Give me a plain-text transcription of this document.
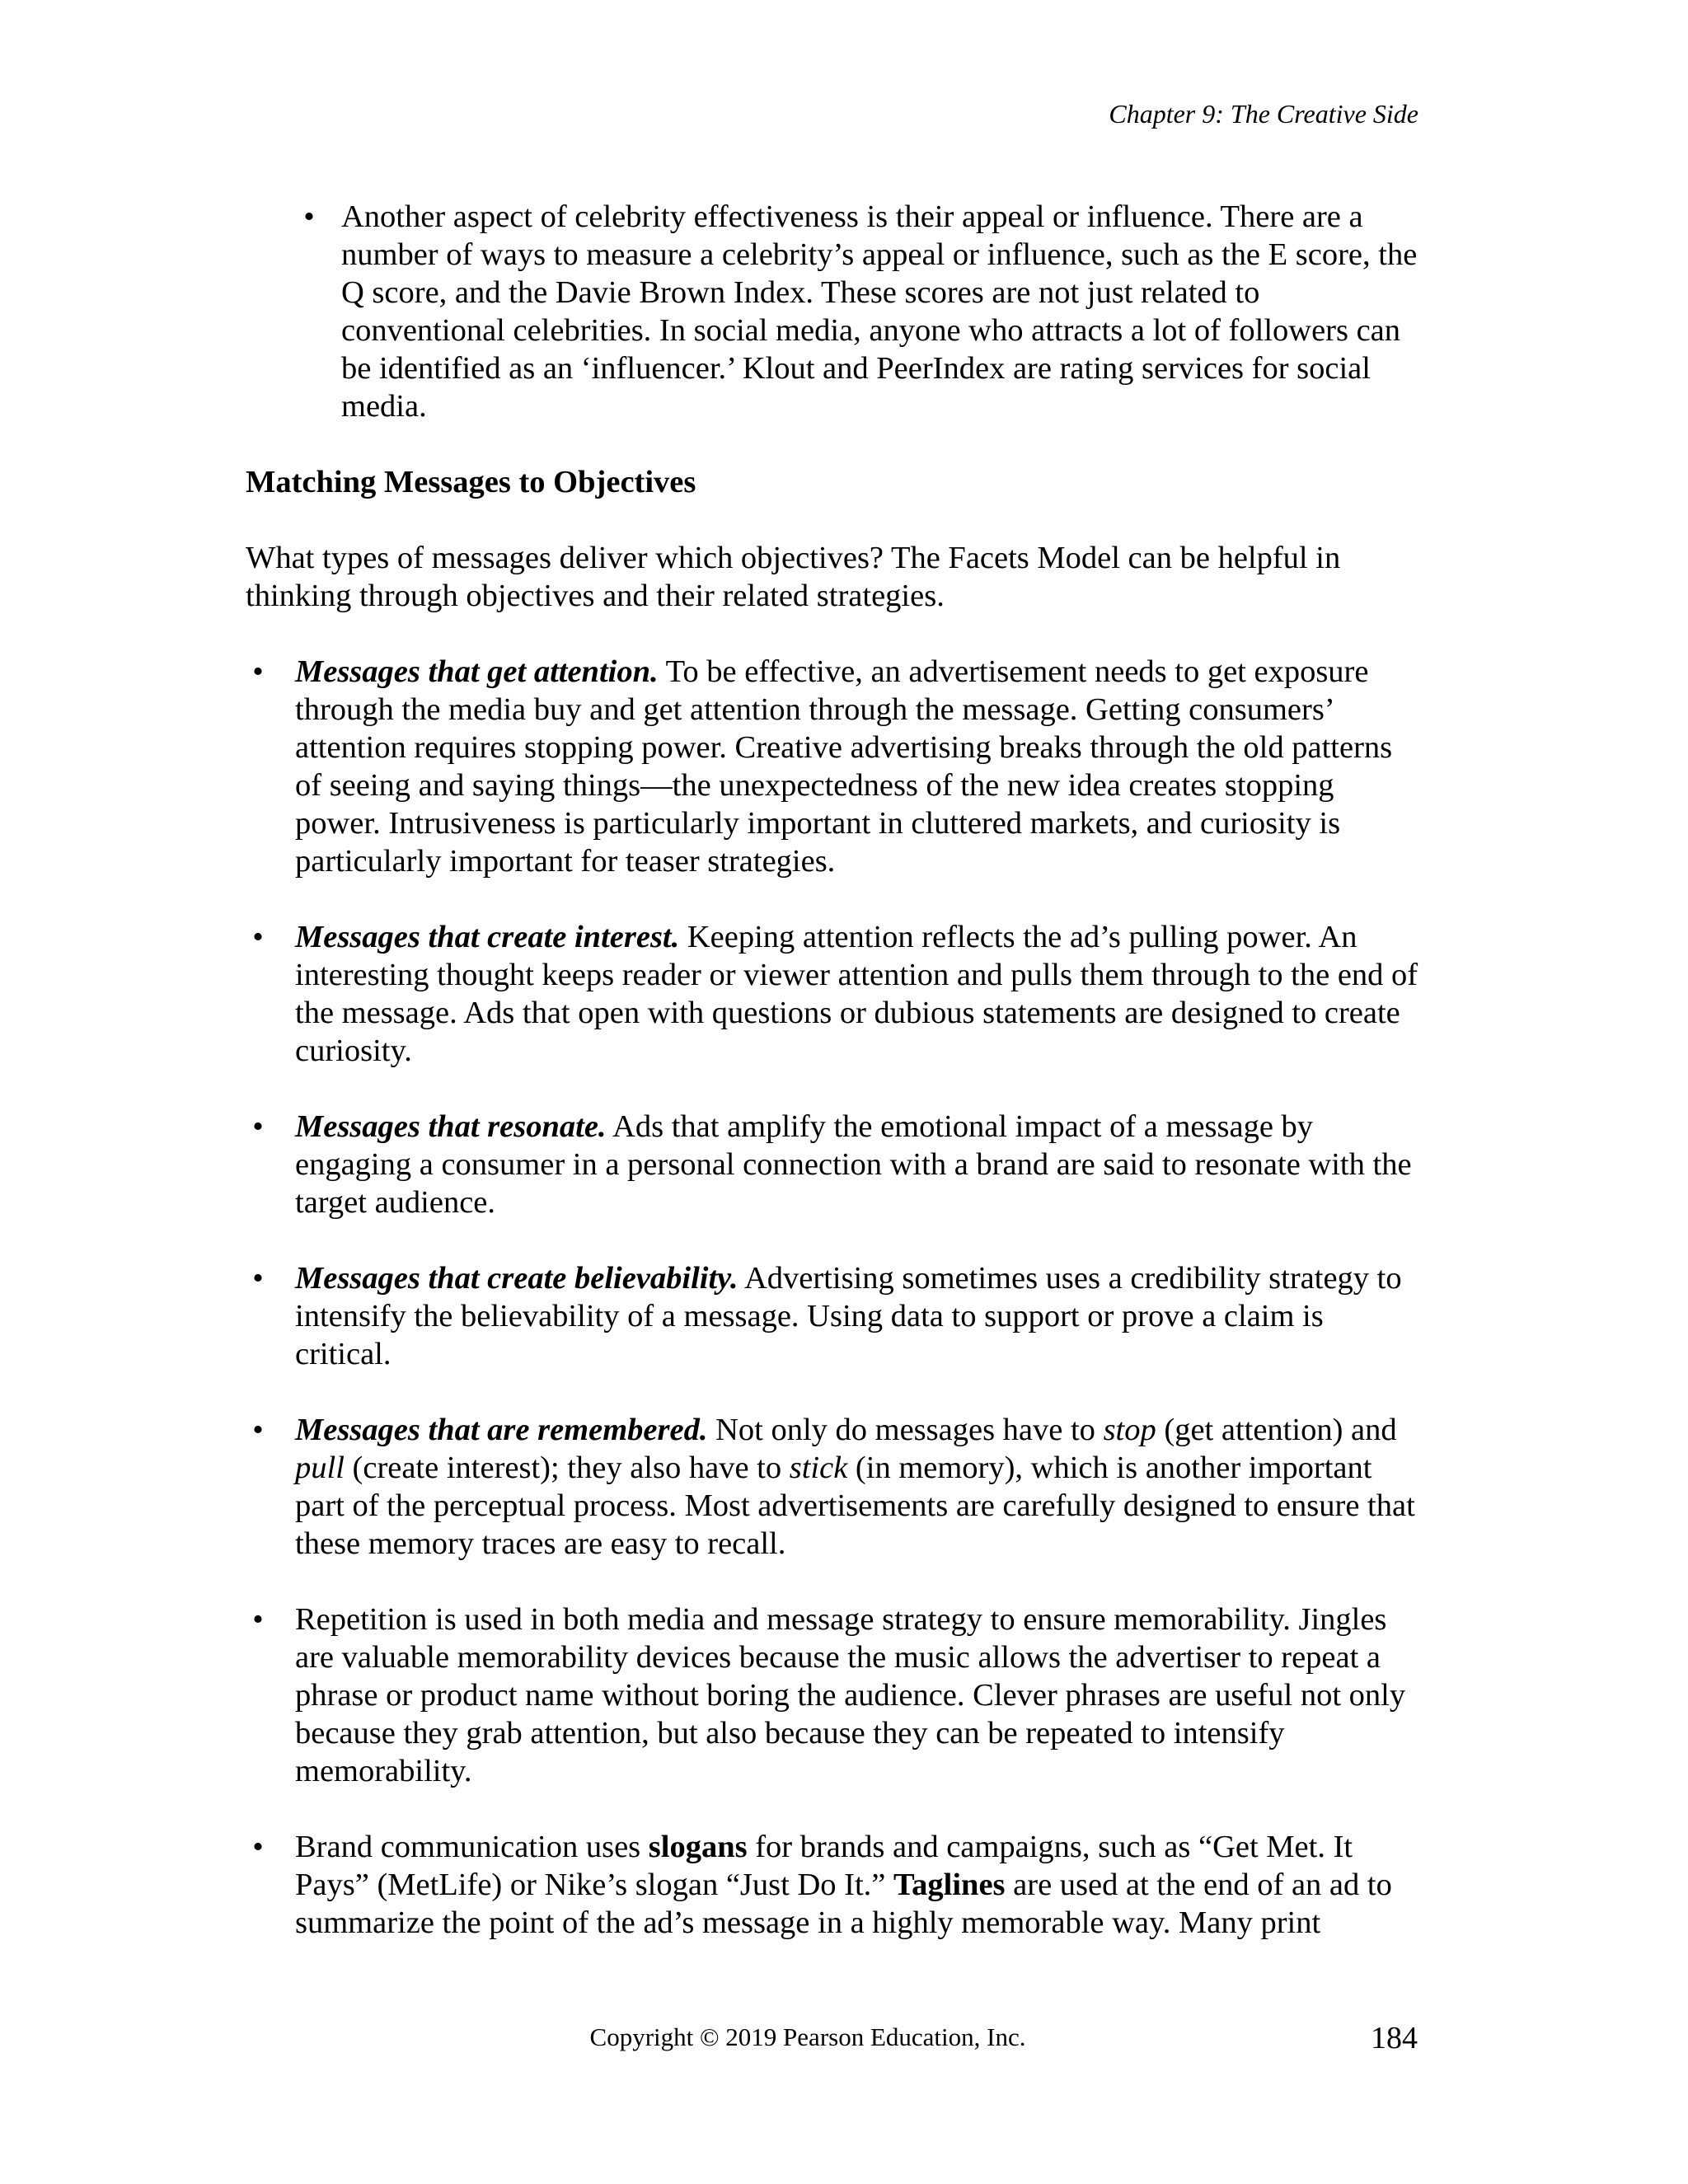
Chapter 9: The Creative Side
• Another aspect of celebrity effectiveness is their appeal or influence. There are a number of ways to measure a celebrity’s appeal or influence, such as the E score, the Q score, and the Davie Brown Index. These scores are not just related to conventional celebrities. In social media, anyone who attracts a lot of followers can be identified as an ‘influencer.’ Klout and PeerIndex are rating services for social media.
Matching Messages to Objectives
What types of messages deliver which objectives? The Facets Model can be helpful in thinking through objectives and their related strategies.
• Messages that get attention. To be effective, an advertisement needs to get exposure through the media buy and get attention through the message. Getting consumers’ attention requires stopping power. Creative advertising breaks through the old patterns of seeing and saying things—the unexpectedness of the new idea creates stopping power. Intrusiveness is particularly important in cluttered markets, and curiosity is particularly important for teaser strategies.
• Messages that create interest. Keeping attention reflects the ad’s pulling power. An interesting thought keeps reader or viewer attention and pulls them through to the end of the message. Ads that open with questions or dubious statements are designed to create curiosity.
• Messages that resonate. Ads that amplify the emotional impact of a message by engaging a consumer in a personal connection with a brand are said to resonate with the target audience.
• Messages that create believability. Advertising sometimes uses a credibility strategy to intensify the believability of a message. Using data to support or prove a claim is critical.
• Messages that are remembered. Not only do messages have to stop (get attention) and pull (create interest); they also have to stick (in memory), which is another important part of the perceptual process. Most advertisements are carefully designed to ensure that these memory traces are easy to recall.
• Repetition is used in both media and message strategy to ensure memorability. Jingles are valuable memorability devices because the music allows the advertiser to repeat a phrase or product name without boring the audience. Clever phrases are useful not only because they grab attention, but also because they can be repeated to intensify memorability.
• Brand communication uses slogans for brands and campaigns, such as “Get Met. It Pays” (MetLife) or Nike’s slogan “Just Do It.” Taglines are used at the end of an ad to summarize the point of the ad’s message in a highly memorable way. Many print
Copyright © 2019 Pearson Education, Inc.	184
